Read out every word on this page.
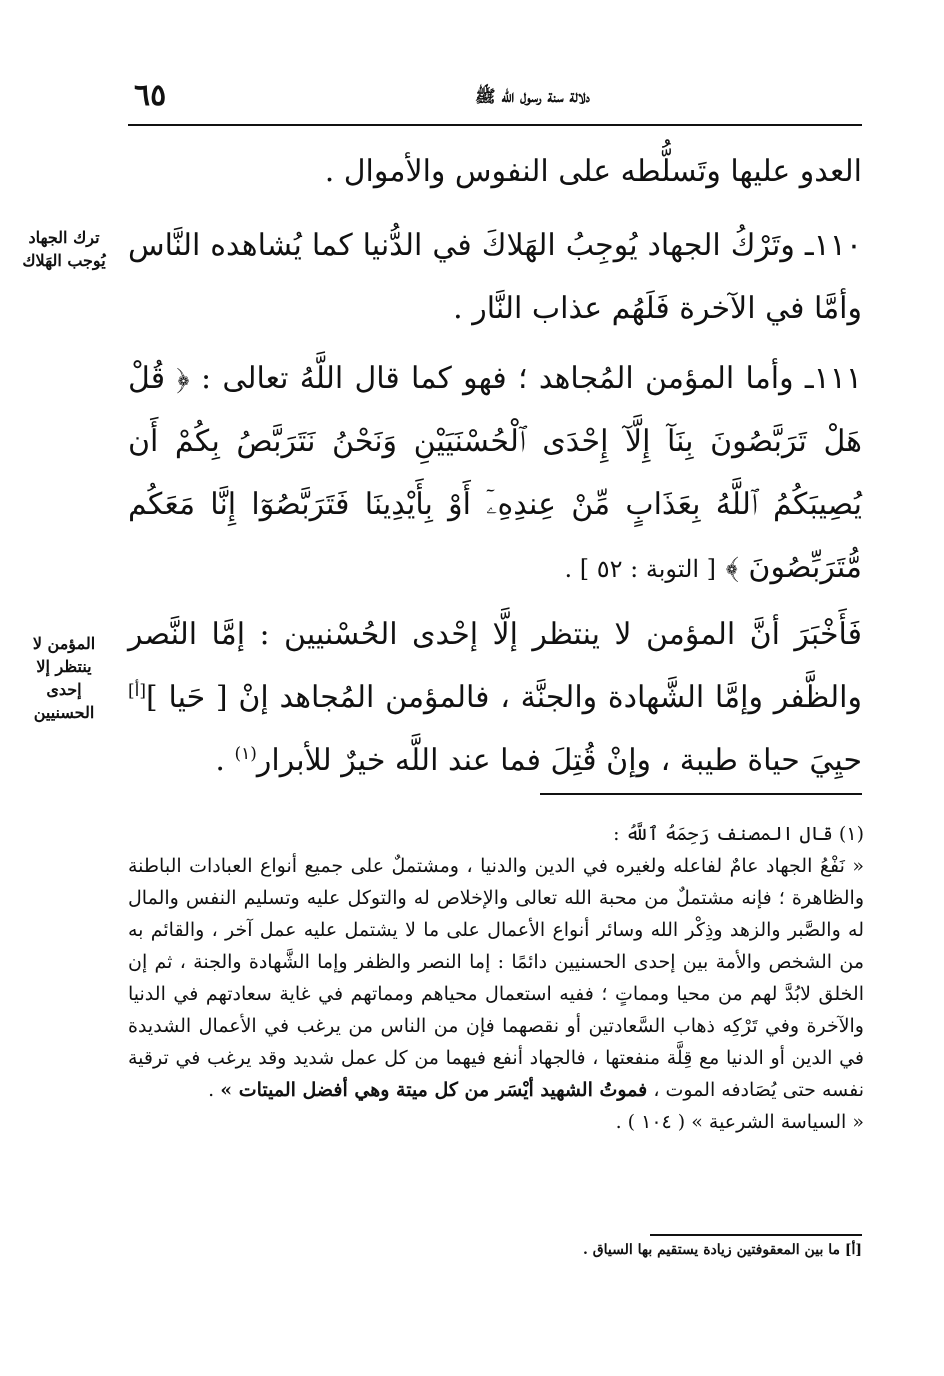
دلالة سنة رسول الله ﷺ
٦٥
ترك الجهاد يُوجب الهَلاك
المؤمن لا ينتظر إلا إحدى الحسنيين

العدو عليها وتَسلُّطه على النفوس والأموال .

١١٠ـ وتَرْكُ الجهاد يُوجِبُ الهَلاكَ في الدُّنيا كما يُشاهده النَّاس وأمَّا في الآخرة فَلَهُم عذاب النَّار .

١١١ـ وأما المؤمن المُجاهد ؛ فهو كما قال اللَّهُ تعالى : ﴿ قُلْ هَلْ تَرَبَّصُونَ بِنَآ إِلَّآ إِحْدَى ٱلْحُسْنَيَيْنِ وَنَحْنُ نَتَرَبَّصُ بِكُمْ أَن يُصِيبَكُمُ ٱللَّهُ بِعَذَابٍ مِّنْ عِندِهِۦٓ أَوْ بِأَيْدِينَا فَتَرَبَّصُوٓا إِنَّا مَعَكُم مُّتَرَبِّصُونَ ﴾ [ التوبة : ٥٢ ] .

فَأَخْبَرَ أنَّ المؤمن لا ينتظر إلَّا إحْدى الحُسْنيين : إمَّا النَّصر والظَّفر وإمَّا الشَّهادة والجنَّة ، فالمؤمن المُجاهد إنْ [ حَيا ][أ] حيِيَ حياة طيبة ، وإنْ قُتِلَ فما عند اللَّه خيرٌ للأبرار$^{(١)}$ .

(١) قال المصنف رَحِمَهُ ٱللَّهُ :

« نَفْعُ الجهاد عامٌ لفاعله ولغيره في الدين والدنيا ، ومشتملٌ على جميع أنواع العبادات الباطنة والظاهرة ؛ فإنه مشتملٌ من محبة الله تعالى والإخلاص له والتوكل عليه وتسليم النفس والمال له والصَّبر والزهد وذِكْر الله وسائر أنواع الأعمال على ما لا يشتمل عليه عمل آخر ، والقائم به من الشخص والأمة بين إحدى الحسنيين دائمًا : إما النصر والظفر وإما الشَّهادة والجنة ، ثم إن الخلق لابُدَّ لهم من محيا ومماتٍ ؛ ففيه استعمال محياهم ومماتهم في غاية سعادتهم في الدنيا والآخرة وفي تَرْكِه ذهاب السَّعادتين أو نقصهما فإن من الناس من يرغب في الأعمال الشديدة في الدين أو الدنيا مع قِلَّة منفعتها ، فالجهاد أنفع فيهما من كل عمل شديد وقد يرغب في ترقية نفسه حتى يُصَادفه الموت ، فموتُ الشهيد أيْسَر من كل ميتة وهي أفضل الميتات » .

« السياسة الشرعية » ( ١٠٤ ) .

[أ] ما بين المعقوفتين زيادة يستقيم بها السياق .
